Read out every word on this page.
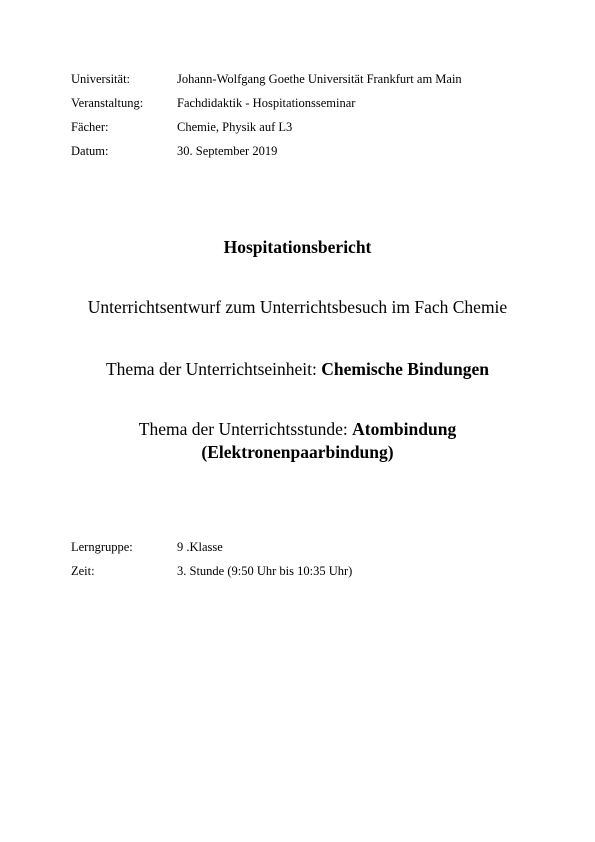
Universität:	Johann-Wolfgang Goethe Universität Frankfurt am Main
Veranstaltung:	Fachdidaktik - Hospitationsseminar
Fächer:	Chemie, Physik auf L3
Datum:	30. September 2019
Hospitationsbericht
Unterrichtsentwurf zum Unterrichtsbesuch im Fach Chemie
Thema der Unterrichtseinheit: Chemische Bindungen
Thema der Unterrichtsstunde: Atombindung
(Elektronenpaarbindung)
Lerngruppe:	9 .Klasse
Zeit:	3. Stunde (9:50 Uhr bis 10:35 Uhr)
